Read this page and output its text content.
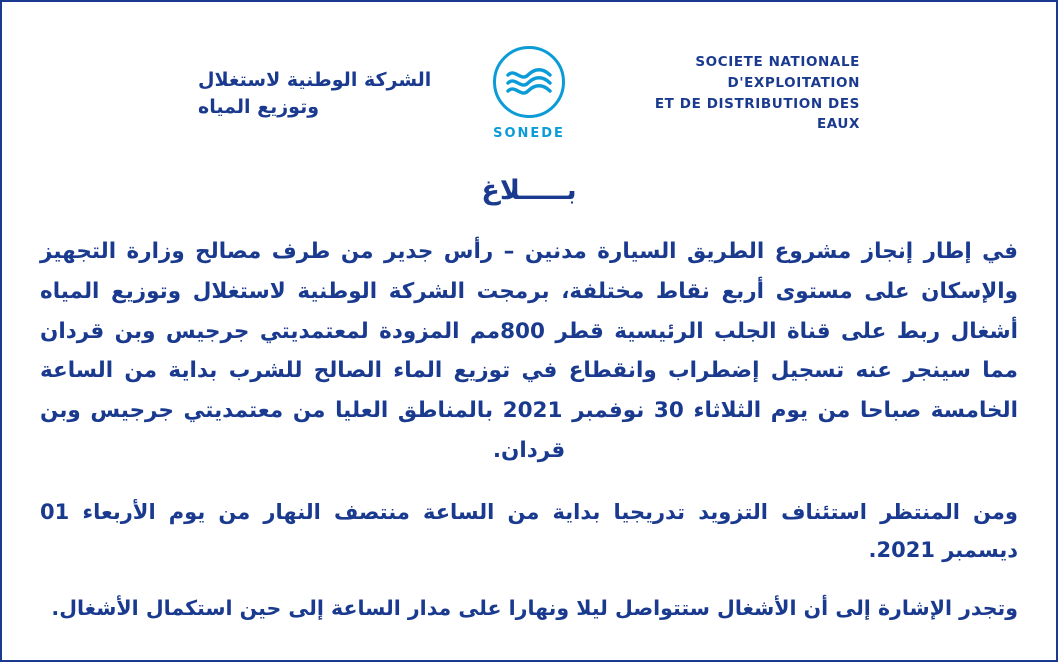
SOCIETE NATIONALE D'EXPLOITATION
ET DE DISTRIBUTION DES EAUX
SONEDE
الشركة الوطنية لاستغلال وتوزيع المياه
بـــــلاغ

في إطار إنجاز مشروع الطريق السيارة مدنين – رأس جدير من طرف مصالح وزارة التجهيز والإسكان على مستوى أربع نقاط مختلفة، برمجت الشركة الوطنية لاستغلال وتوزيع المياه أشغال ربط على قناة الجلب الرئيسية قطر 800مم المزودة لمعتمديتي جرجيس وبن قردان مما سينجر عنه تسجيل إضطراب وانقطاع في توزيع الماء الصالح للشرب بداية من الساعة الخامسة صباحا من يوم الثلاثاء 30 نوفمبر 2021 بالمناطق العليا من معتمديتي جرجيس وبن قردان.

ومن المنتظر استئناف التزويد تدريجيا بداية من الساعة منتصف النهار من يوم الأربعاء 01 ديسمبر 2021.

وتجدر الإشارة إلى أن الأشغال ستتواصل ليلا ونهارا على مدار الساعة إلى حين استكمال الأشغال.
